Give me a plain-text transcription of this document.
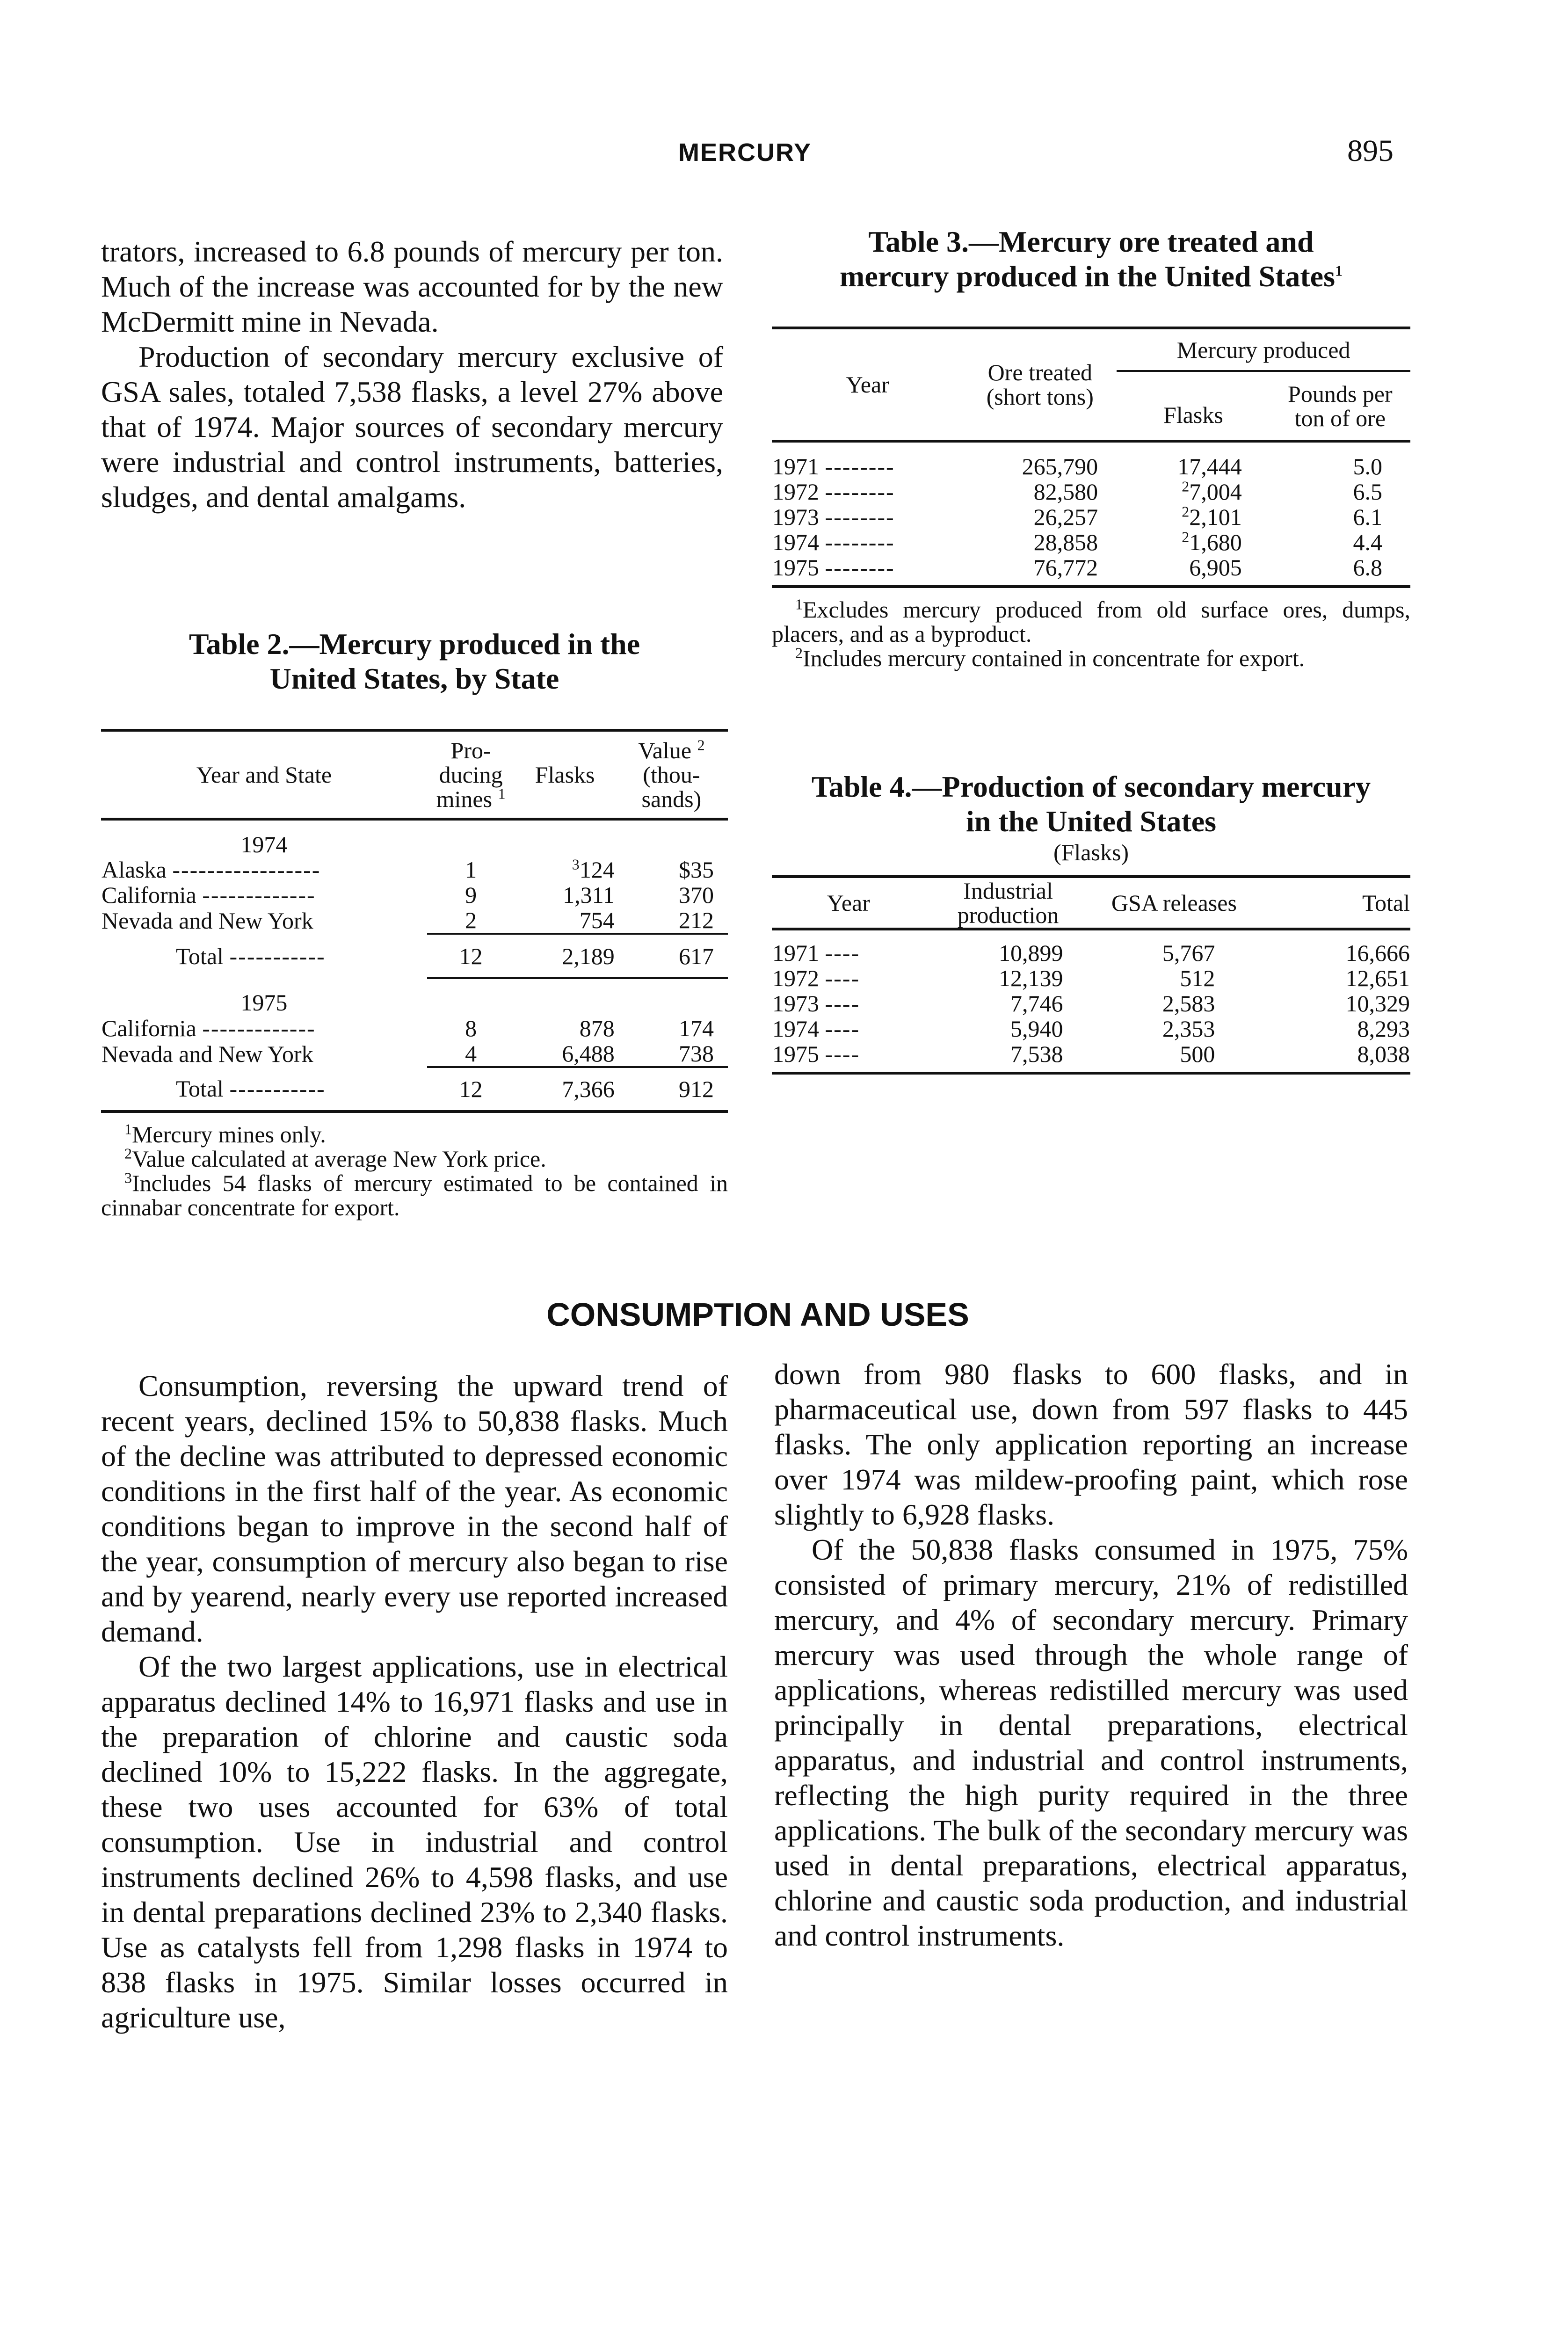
MERCURY	895

trators, increased to 6.8 pounds of mercury per ton. Much of the increase was accounted for by the new McDermitt mine in Nevada.

Production of secondary mercury exclusive of GSA sales, totaled 7,538 flasks, a level 27% above that of 1974. Major sources of secondary mercury were industrial and control instruments, batteries, sludges, and dental amalgams.

Table 2.—Mercury produced in the
United States, by State
Year and State	Pro-ducing mines $^1$	Flasks	Value $^2$ (thou-sands)
1974			
Alaska -----------------	1	$^3$124	$35
California -------------	9	1,311	370
Nevada and New York	2	754	212
Total -----------	12	2,189	617
1975			
California -------------	8	878	174
Nevada and New York	4	6,488	738
Total -----------	12	7,366	912

$^1$Mercury mines only.

$^2$Value calculated at average New York price.

$^3$Includes 54 flasks of mercury estimated to be contained in cinnabar concentrate for export.

Table 3.—Mercury ore treated and
mercury produced in the United States$^1$
Year	Ore treated (short tons)	Mercury produced	
		Flasks	Pounds per ton of ore
1971 --------	265,790	17,444	5.0
1972 --------	82,580	$^2$7,004	6.5
1973 --------	26,257	$^2$2,101	6.1
1974 --------	28,858	$^2$1,680	4.4
1975 --------	76,772	6,905	6.8

$^1$Excludes mercury produced from old surface ores, dumps, placers, and as a byproduct.

$^2$Includes mercury contained in concentrate for export.

Table 4.—Production of secondary mercury
in the United States
(Flasks)
Year	Industrial production	GSA releases	Total
1971 ----	10,899	5,767	16,666
1972 ----	12,139	512	12,651
1973 ----	7,746	2,583	10,329
1974 ----	5,940	2,353	8,293
1975 ----	7,538	500	8,038
CONSUMPTION AND USES

Consumption, reversing the upward trend of recent years, declined 15% to 50,838 flasks. Much of the decline was attributed to depressed economic conditions in the first half of the year. As economic conditions began to improve in the second half of the year, consumption of mercury also began to rise and by yearend, nearly every use reported increased demand.

Of the two largest applications, use in electrical apparatus declined 14% to 16,971 flasks and use in the preparation of chlorine and caustic soda declined 10% to 15,222 flasks. In the aggregate, these two uses accounted for 63% of total consumption. Use in industrial and control instruments declined 26% to 4,598 flasks, and use in dental preparations declined 23% to 2,340 flasks. Use as catalysts fell from 1,298 flasks in 1974 to 838 flasks in 1975. Similar losses occurred in agriculture use,

down from 980 flasks to 600 flasks, and in pharmaceutical use, down from 597 flasks to 445 flasks. The only application reporting an increase over 1974 was mildew-proofing paint, which rose slightly to 6,928 flasks.

Of the 50,838 flasks consumed in 1975, 75% consisted of primary mercury, 21% of redistilled mercury, and 4% of secondary mercury. Primary mercury was used through the whole range of applications, whereas redistilled mercury was used principally in dental preparations, electrical apparatus, and industrial and control instruments, reflecting the high purity required in the three applications. The bulk of the secondary mercury was used in dental preparations, electrical apparatus, chlorine and caustic soda production, and industrial and control instruments.
